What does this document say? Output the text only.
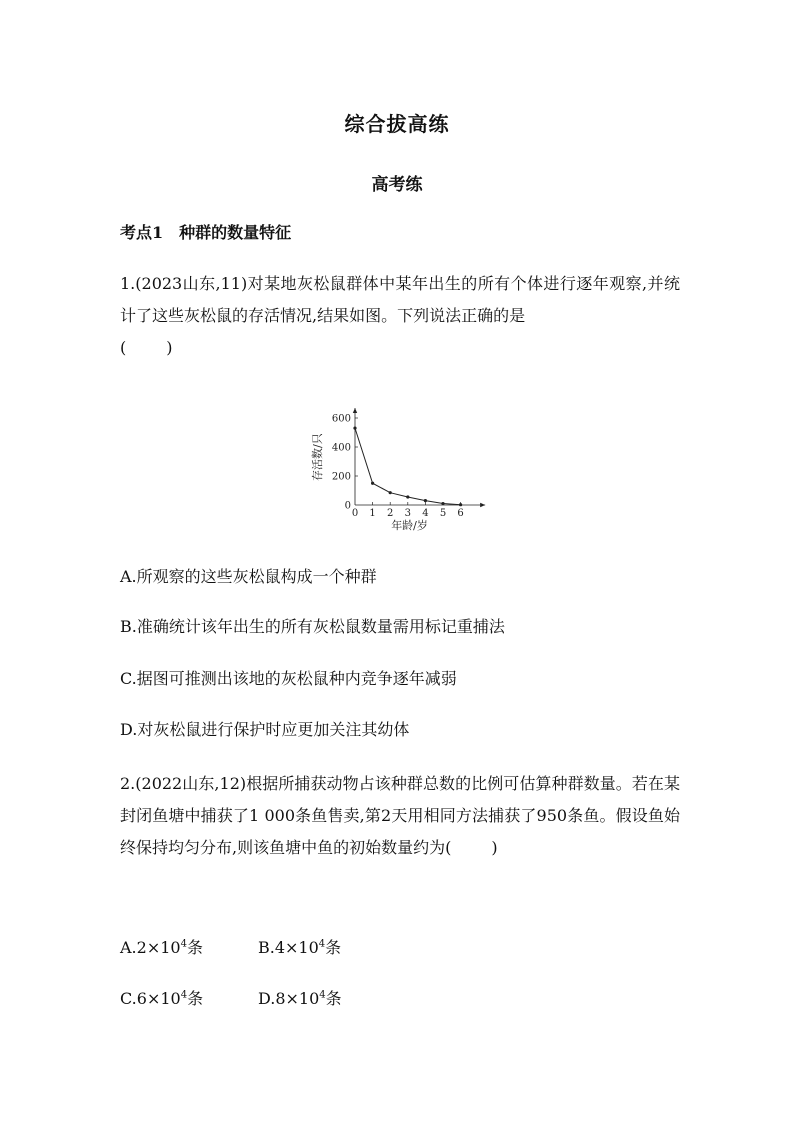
综合拔高练
高考练
考点1 种群的数量特征
1.(2023山东,11)对某地灰松鼠群体中某年出生的所有个体进行逐年观察,并统计了这些灰松鼠的存活情况,结果如图。下列说法正确的是
(	)
0
200
400
600
0 1 2 3 4 5 6
年龄/岁
存活数/只
A.所观察的这些灰松鼠构成一个种群
B.准确统计该年出生的所有灰松鼠数量需用标记重捕法
C.据图可推测出该地的灰松鼠种内竞争逐年减弱
D.对灰松鼠进行保护时应更加关注其幼体
2.(2022山东,12)根据所捕获动物占该种群总数的比例可估算种群数量。若在某封闭鱼塘中捕获了1 000条鱼售卖,第2天用相同方法捕获了950条鱼。假设鱼始终保持均匀分布,则该鱼塘中鱼的初始数量约为(	)
$A.2\times 10^4$条	$B.4\times 10^4$条
$C.6\times 10^4$条	$D.8\times 10^4$条
